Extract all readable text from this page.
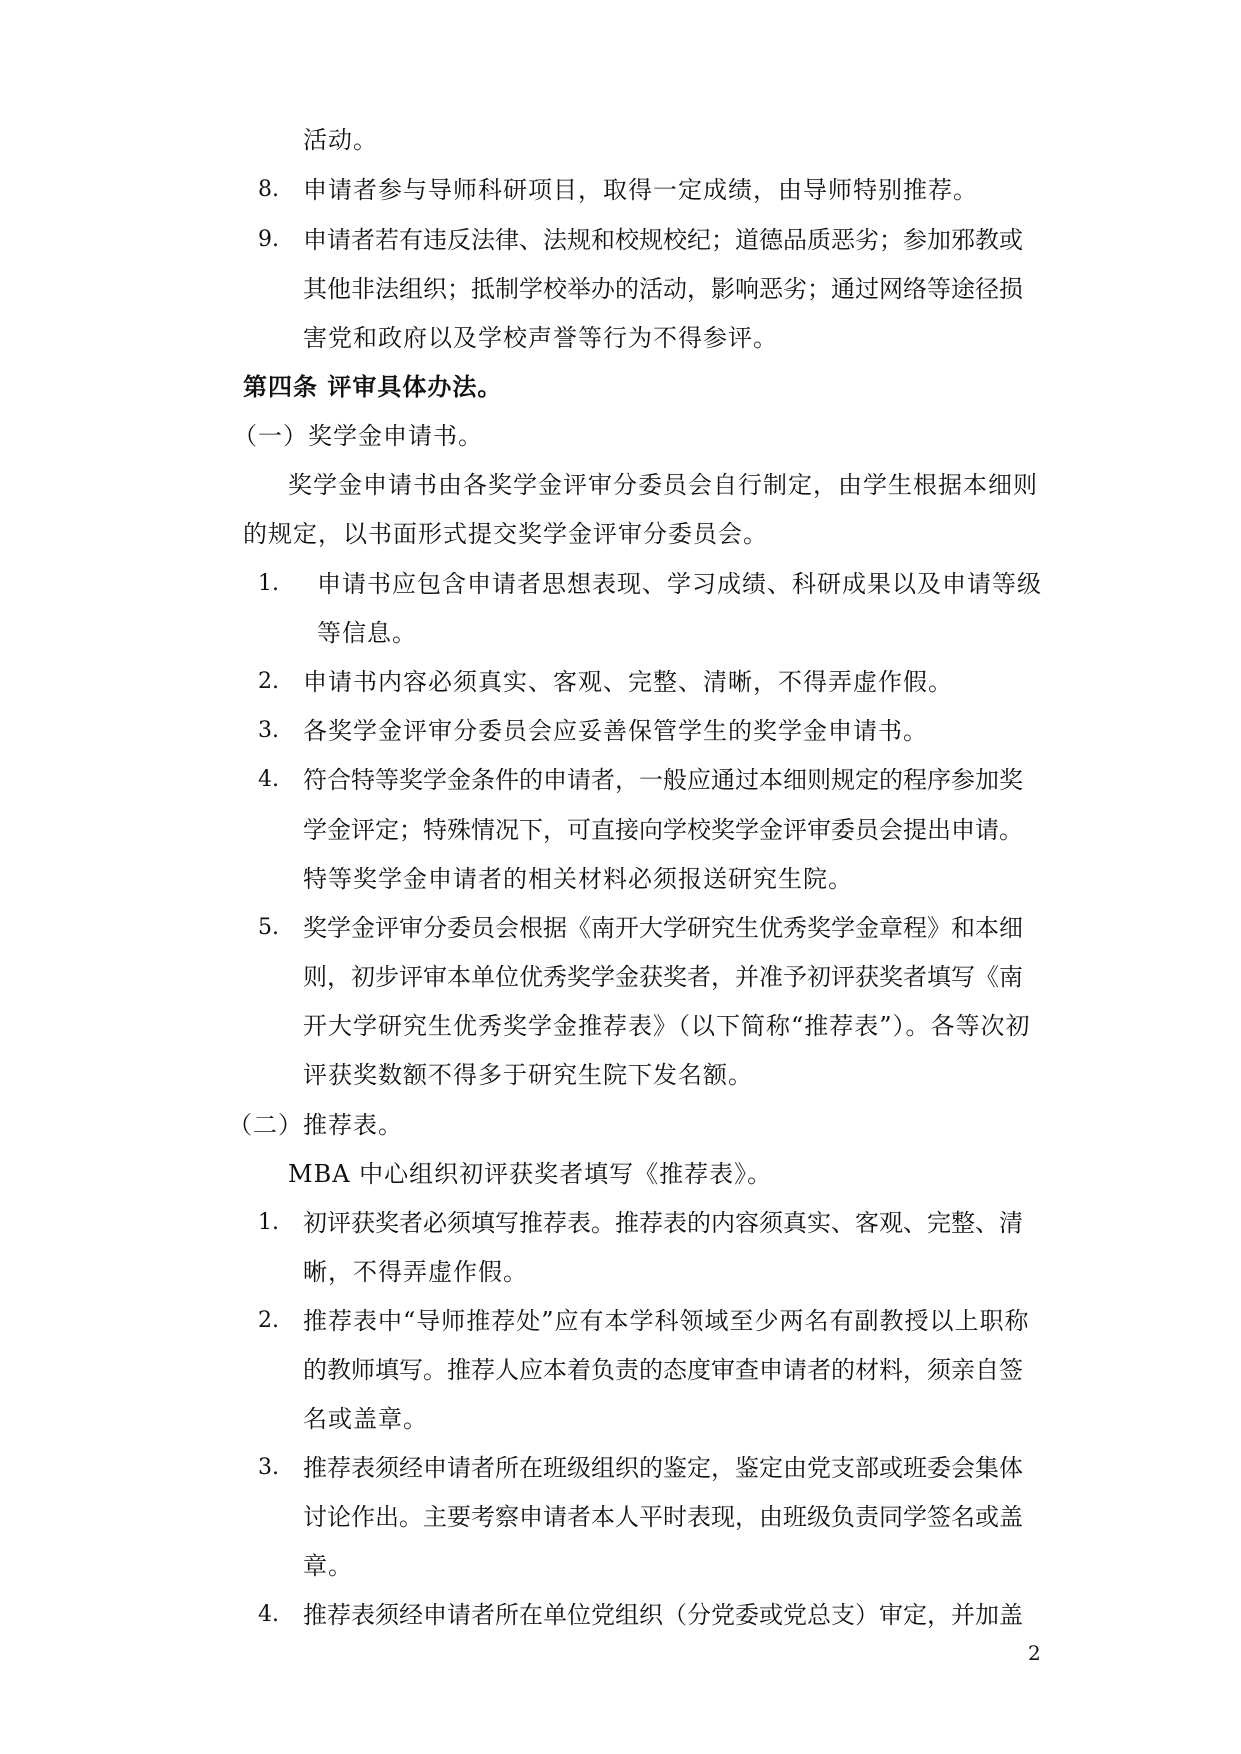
活动。
8. 申请者参与导师科研项目，取得一定成绩，由导师特别推荐。
9. 申请者若有违反法律、法规和校规校纪；道德品质恶劣；参加邪教或
其他非法组织；抵制学校举办的活动，影响恶劣；通过网络等途径损
害党和政府以及学校声誉等行为不得参评。
第四条 评审具体办法。
（一）奖学金申请书。
奖学金申请书由各奖学金评审分委员会自行制定，由学生根据本细则
的规定，以书面形式提交奖学金评审分委员会。
1. 申请书应包含申请者思想表现、学习成绩、科研成果以及申请等级
等信息。
2. 申请书内容必须真实、客观、完整、清晰，不得弄虚作假。
3. 各奖学金评审分委员会应妥善保管学生的奖学金申请书。
4. 符合特等奖学金条件的申请者，一般应通过本细则规定的程序参加奖
学金评定；特殊情况下，可直接向学校奖学金评审委员会提出申请。
特等奖学金申请者的相关材料必须报送研究生院。
5. 奖学金评审分委员会根据《南开大学研究生优秀奖学金章程》和本细
则，初步评审本单位优秀奖学金获奖者，并准予初评获奖者填写《南
开大学研究生优秀奖学金推荐表》（以下简称“推荐表”）。各等次初
评获奖数额不得多于研究生院下发名额。
（二）推荐表。
MBA 中心组织初评获奖者填写《推荐表》。
1. 初评获奖者必须填写推荐表。推荐表的内容须真实、客观、完整、清
晰，不得弄虚作假。
2. 推荐表中“导师推荐处”应有本学科领域至少两名有副教授以上职称
的教师填写。推荐人应本着负责的态度审查申请者的材料，须亲自签
名或盖章。
3. 推荐表须经申请者所在班级组织的鉴定，鉴定由党支部或班委会集体
讨论作出。主要考察申请者本人平时表现，由班级负责同学签名或盖
章。
4. 推荐表须经申请者所在单位党组织（分党委或党总支）审定，并加盖
2
